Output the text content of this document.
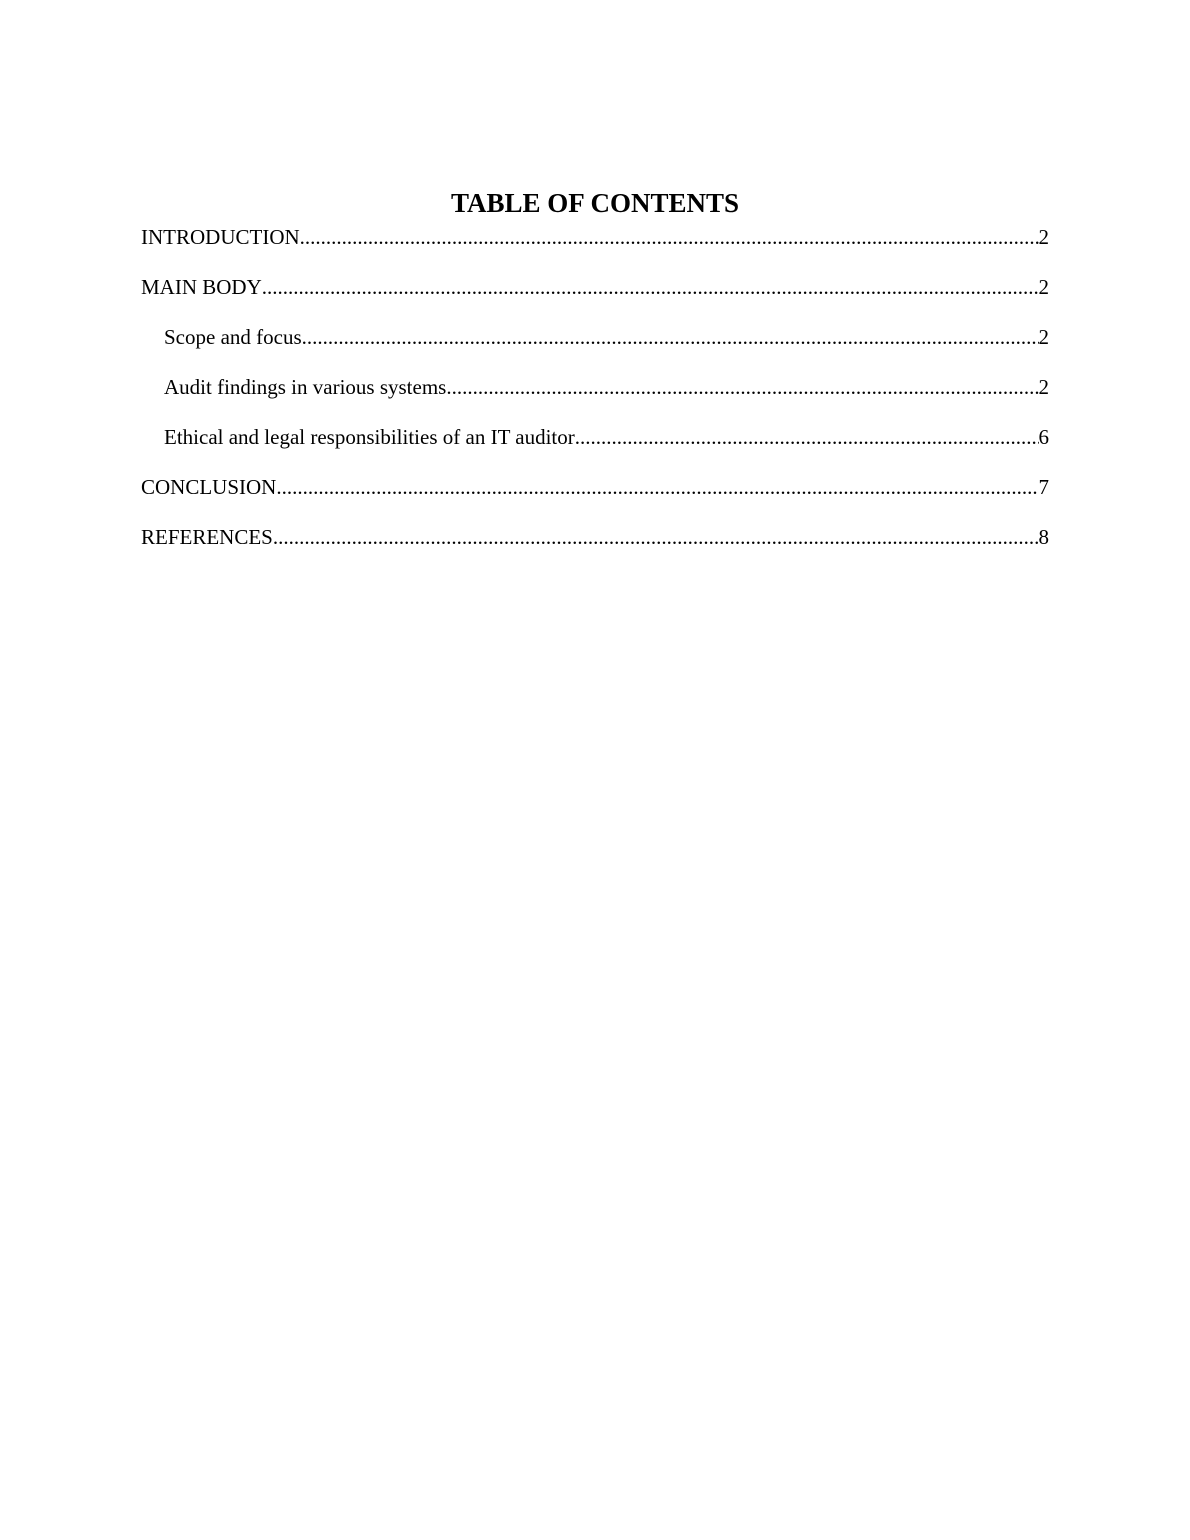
TABLE OF CONTENTS
INTRODUCTION .....	2
MAIN BODY .....	2
Scope and focus .....	2
Audit findings in various systems .....	2
Ethical and legal responsibilities of an IT auditor .....	6
CONCLUSION .....	7
REFERENCES .....	8
